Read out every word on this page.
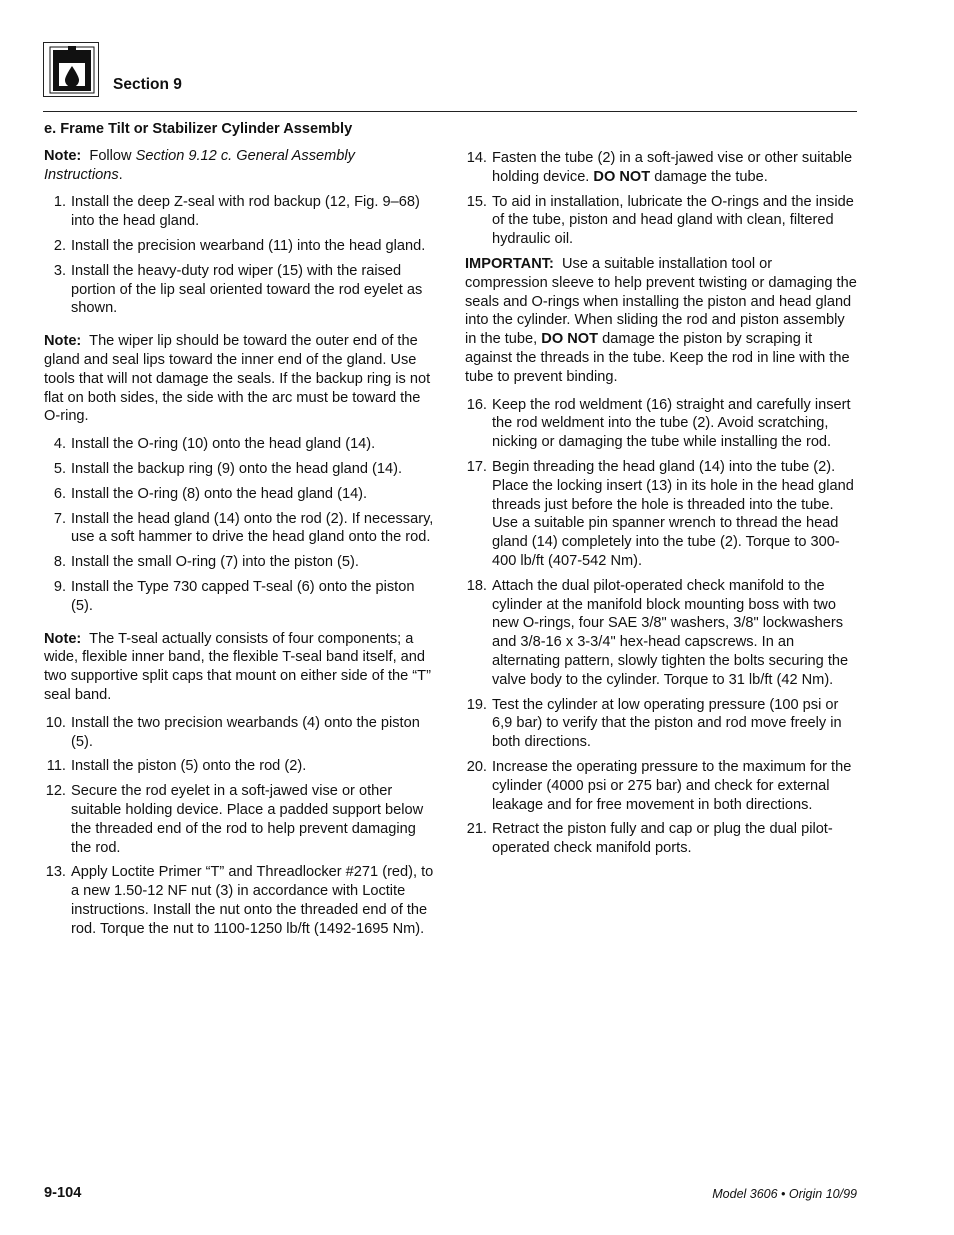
Section 9
e. Frame Tilt or Stabilizer Cylinder Assembly

Note: Follow Section 9.12 c. General Assembly Instructions.

1. Install the deep Z-seal with rod backup (12, Fig. 9–68) into the head gland.
2. Install the precision wearband (11) into the head gland.
3. Install the heavy-duty rod wiper (15) with the raised portion of the lip seal oriented toward the rod eyelet as shown.

Note: The wiper lip should be toward the outer end of the gland and seal lips toward the inner end of the gland. Use tools that will not damage the seals. If the backup ring is not flat on both sides, the side with the arc must be toward the O-ring.

4. Install the O-ring (10) onto the head gland (14).
5. Install the backup ring (9) onto the head gland (14).
6. Install the O-ring (8) onto the head gland (14).
7. Install the head gland (14) onto the rod (2). If necessary, use a soft hammer to drive the head gland onto the rod.
8. Install the small O-ring (7) into the piston (5).
9. Install the Type 730 capped T-seal (6) onto the piston (5).

Note: The T-seal actually consists of four components; a wide, flexible inner band, the flexible T-seal band itself, and two supportive split caps that mount on either side of the “T” seal band.

10. Install the two precision wearbands (4) onto the piston (5).
11. Install the piston (5) onto the rod (2).
12. Secure the rod eyelet in a soft-jawed vise or other suitable holding device. Place a padded support below the threaded end of the rod to help prevent damaging the rod.
13. Apply Loctite Primer “T” and Threadlocker #271 (red), to a new 1.50-12 NF nut (3) in accordance with Loctite instructions. Install the nut onto the threaded end of the rod. Torque the nut to 1100-1250 lb/ft (1492-1695 Nm).
14. Fasten the tube (2) in a soft-jawed vise or other suitable holding device. DO NOT damage the tube.
15. To aid in installation, lubricate the O-rings and the inside of the tube, piston and head gland with clean, filtered hydraulic oil.

IMPORTANT: Use a suitable installation tool or compression sleeve to help prevent twisting or damaging the seals and O-rings when installing the piston and head gland into the cylinder. When sliding the rod and piston assembly in the tube, DO NOT damage the piston by scraping it against the threads in the tube. Keep the rod in line with the tube to prevent binding.

16. Keep the rod weldment (16) straight and carefully insert the rod weldment into the tube (2). Avoid scratching, nicking or damaging the tube while installing the rod.
17. Begin threading the head gland (14) into the tube (2). Place the locking insert (13) in its hole in the head gland threads just before the hole is threaded into the tube. Use a suitable pin spanner wrench to thread the head gland (14) completely into the tube (2). Torque to 300-400 lb/ft (407-542 Nm).
18. Attach the dual pilot-operated check manifold to the cylinder at the manifold block mounting boss with two new O-rings, four SAE 3/8" washers, 3/8" lockwashers and 3/8-16 x 3-3/4" hex-head capscrews. In an alternating pattern, slowly tighten the bolts securing the valve body to the cylinder. Torque to 31 lb/ft (42 Nm).
19. Test the cylinder at low operating pressure (100 psi or 6,9 bar) to verify that the piston and rod move freely in both directions.
20. Increase the operating pressure to the maximum for the cylinder (4000 psi or 275 bar) and check for external leakage and for free movement in both directions.
21. Retract the piston fully and cap or plug the dual pilot-operated check manifold ports.
9-104	Model 3606 • Origin 10/99
